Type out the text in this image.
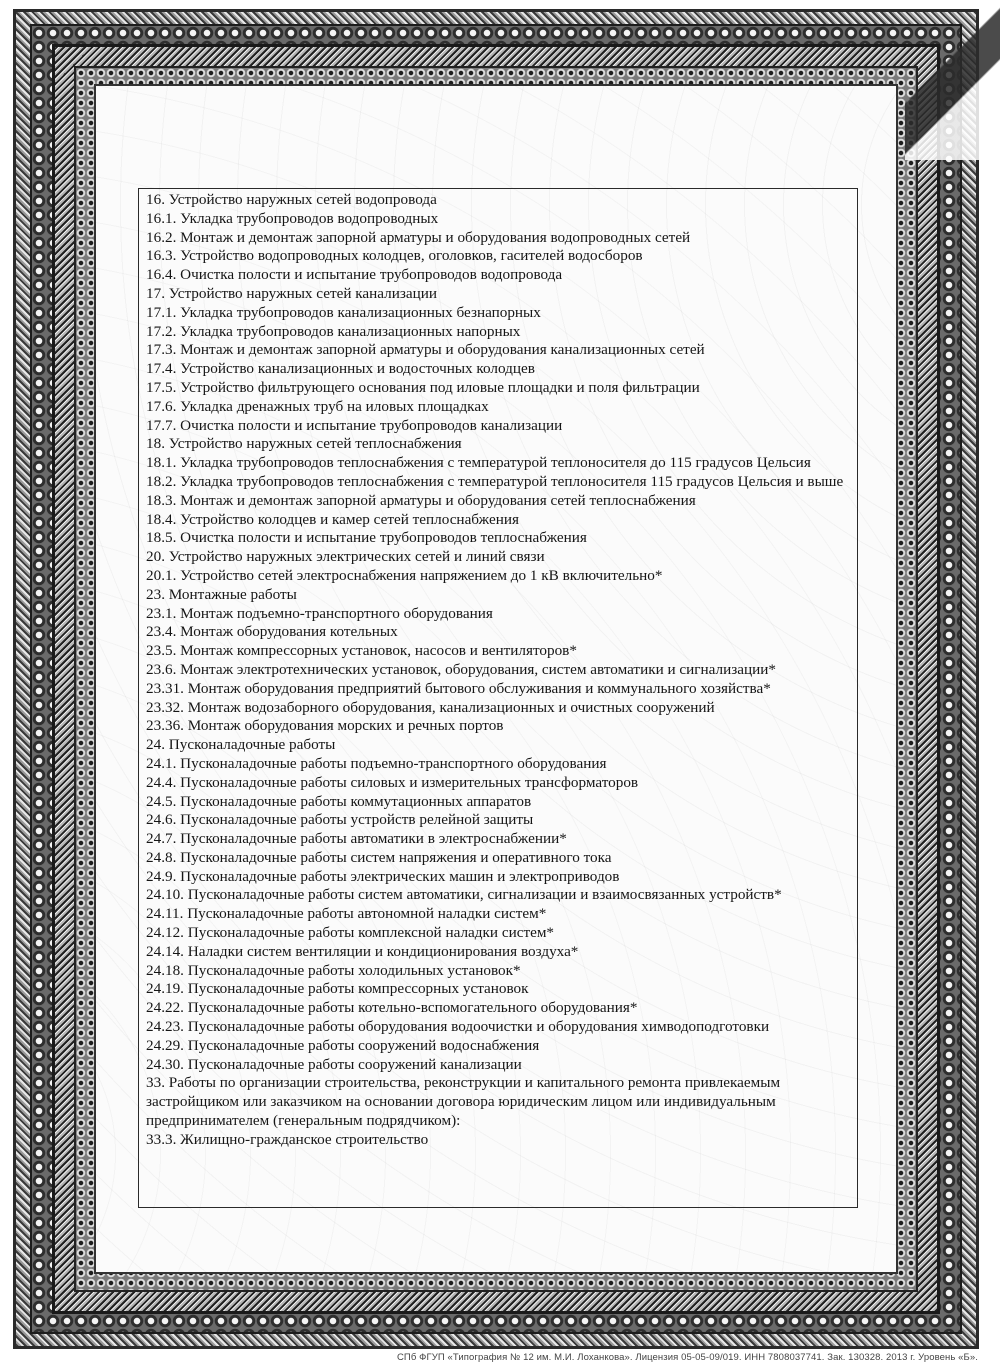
16. Устройство наружных сетей водопровода

16.1. Укладка трубопроводов водопроводных

16.2. Монтаж и демонтаж запорной арматуры и оборудования водопроводных сетей

16.3. Устройство водопроводных колодцев, оголовков, гасителей водосборов

16.4. Очистка полости и испытание трубопроводов водопровода

17. Устройство наружных сетей канализации

17.1. Укладка трубопроводов канализационных безнапорных

17.2. Укладка трубопроводов канализационных напорных

17.3. Монтаж и демонтаж запорной арматуры и оборудования канализационных сетей

17.4. Устройство канализационных и водосточных колодцев

17.5. Устройство фильтрующего основания под иловые площадки и поля фильтрации

17.6. Укладка дренажных труб на иловых площадках

17.7. Очистка полости и испытание трубопроводов канализации

18. Устройство наружных сетей теплоснабжения

18.1. Укладка трубопроводов теплоснабжения с температурой теплоносителя до 115 градусов Цельсия

18.2. Укладка трубопроводов теплоснабжения с температурой теплоносителя 115 градусов Цельсия и выше

18.3. Монтаж и демонтаж запорной арматуры и оборудования сетей теплоснабжения

18.4. Устройство колодцев и камер сетей теплоснабжения

18.5. Очистка полости и испытание трубопроводов теплоснабжения

20. Устройство наружных электрических сетей и линий связи

20.1. Устройство сетей электроснабжения напряжением до 1 кВ включительно*

23. Монтажные работы

23.1. Монтаж подъемно-транспортного оборудования

23.4. Монтаж оборудования котельных

23.5. Монтаж компрессорных установок, насосов и вентиляторов*

23.6. Монтаж электротехнических установок, оборудования, систем автоматики и сигнализации*

23.31. Монтаж оборудования предприятий бытового обслуживания и коммунального хозяйства*

23.32. Монтаж водозаборного оборудования, канализационных и очистных сооружений

23.36. Монтаж оборудования морских и речных портов

24. Пусконаладочные работы

24.1. Пусконаладочные работы подъемно-транспортного оборудования

24.4. Пусконаладочные работы силовых и измерительных трансформаторов

24.5. Пусконаладочные работы коммутационных аппаратов

24.6. Пусконаладочные работы устройств релейной защиты

24.7. Пусконаладочные работы автоматики в электроснабжении*

24.8. Пусконаладочные работы систем напряжения и оперативного тока

24.9. Пусконаладочные работы электрических машин и электроприводов

24.10. Пусконаладочные работы систем автоматики, сигнализации и взаимосвязанных устройств*

24.11. Пусконаладочные работы автономной наладки систем*

24.12. Пусконаладочные работы комплексной наладки систем*

24.14. Наладки систем вентиляции и кондиционирования воздуха*

24.18. Пусконаладочные работы холодильных установок*

24.19. Пусконаладочные работы компрессорных установок

24.22. Пусконаладочные работы котельно-вспомогательного оборудования*

24.23. Пусконаладочные работы оборудования водоочистки и оборудования химводоподготовки

24.29. Пусконаладочные работы сооружений водоснабжения

24.30. Пусконаладочные работы сооружений канализации

33. Работы по организации строительства, реконструкции и капитального ремонта привлекаемым застройщиком или заказчиком на основании договора юридическим лицом или индивидуальным предпринимателем (генеральным подрядчиком):

33.3. Жилищно-гражданское строительство

СПб ФГУП «Типография № 12 им. М.И. Лоханкова». Лицензия 05-05-09/019. ИНН 7808037741. Зак. 130328. 2013 г. Уровень «Б».
